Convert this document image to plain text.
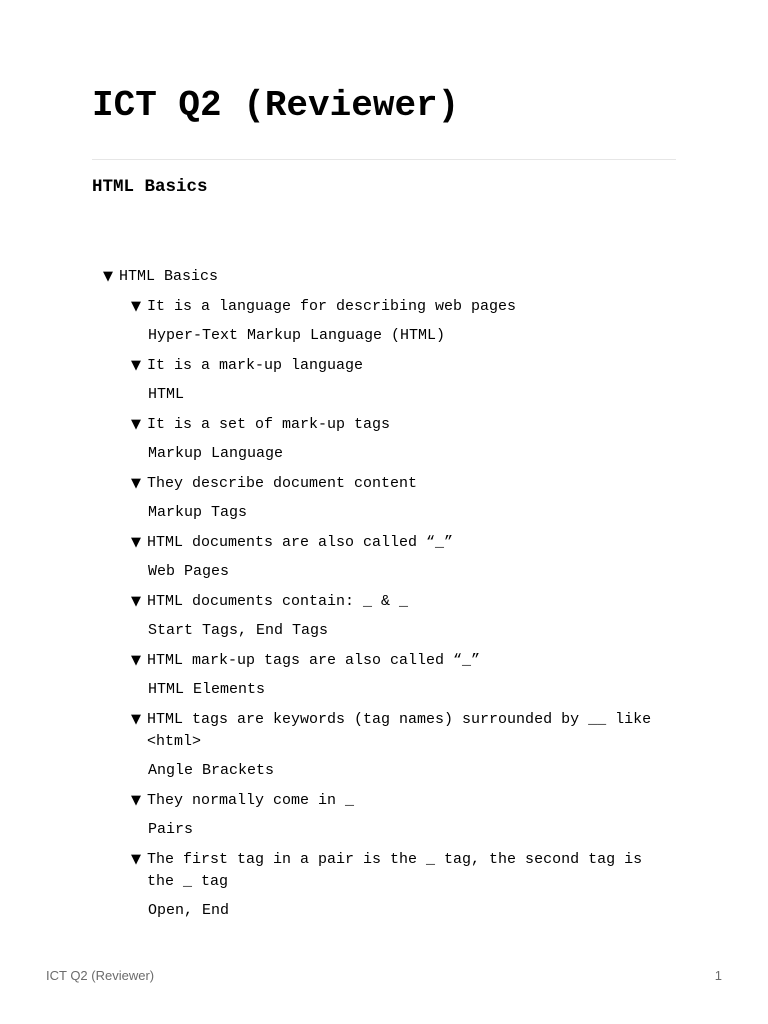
ICT Q2 (Reviewer)
HTML Basics
▼ HTML Basics
▼ It is a language for describing web pages
Hyper-Text Markup Language (HTML)
▼ It is a mark-up language
HTML
▼ It is a set of mark-up tags
Markup Language
▼ They describe document content
Markup Tags
▼ HTML documents are also called “_”
Web Pages
▼ HTML documents contain: _ & _
Start Tags, End Tags
▼ HTML mark-up tags are also called “_”
HTML Elements
▼ HTML tags are keywords (tag names) surrounded by __ like <html>
Angle Brackets
▼ They normally come in _
Pairs
▼ The first tag in a pair is the _ tag, the second tag is the _ tag
Open, End
ICT Q2 (Reviewer)	1
